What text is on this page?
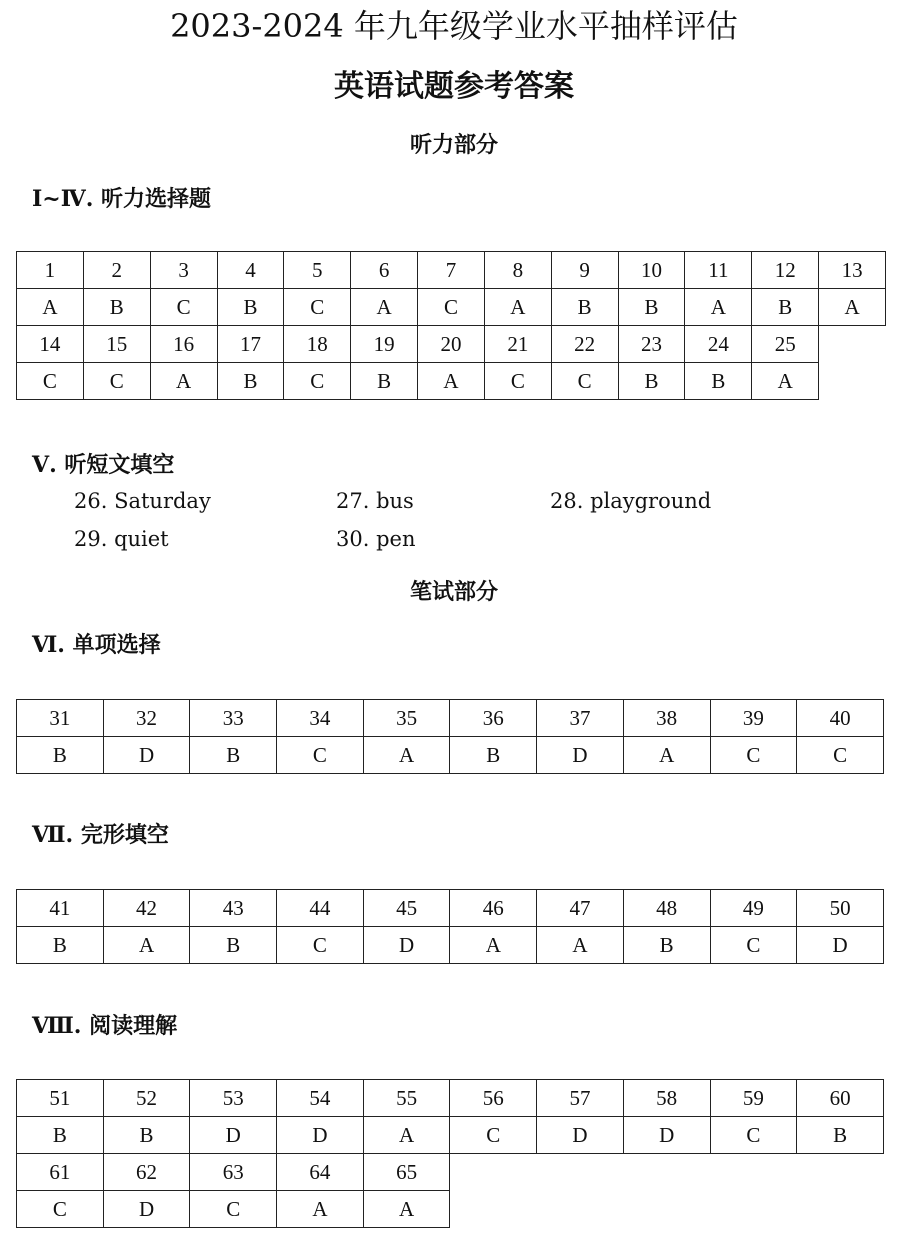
2023-2024 年九年级学业水平抽样评估
英语试题参考答案
听力部分
Ⅰ~Ⅳ. 听力选择题
1	2	3	4	5	6	7	8	9	10	11	12	13
A	B	C	B	C	A	C	A	B	B	A	B	A
14	15	16	17	18	19	20	21	22	23	24	25	
C	C	A	B	C	B	A	C	C	B	B	A	
Ⅴ. 听短文填空
26. Saturday	27. bus	28. playground
29. quiet	30. pen
笔试部分
Ⅵ. 单项选择
31	32	33	34	35	36	37	38	39	40
B	D	B	C	A	B	D	A	C	C
Ⅶ. 完形填空
41	42	43	44	45	46	47	48	49	50
B	A	B	C	D	A	A	B	C	D
Ⅷ. 阅读理解
51	52	53	54	55	56	57	58	59	60
B	B	D	D	A	C	D	D	C	B
61	62	63	64	65					
C	D	C	A	A					
